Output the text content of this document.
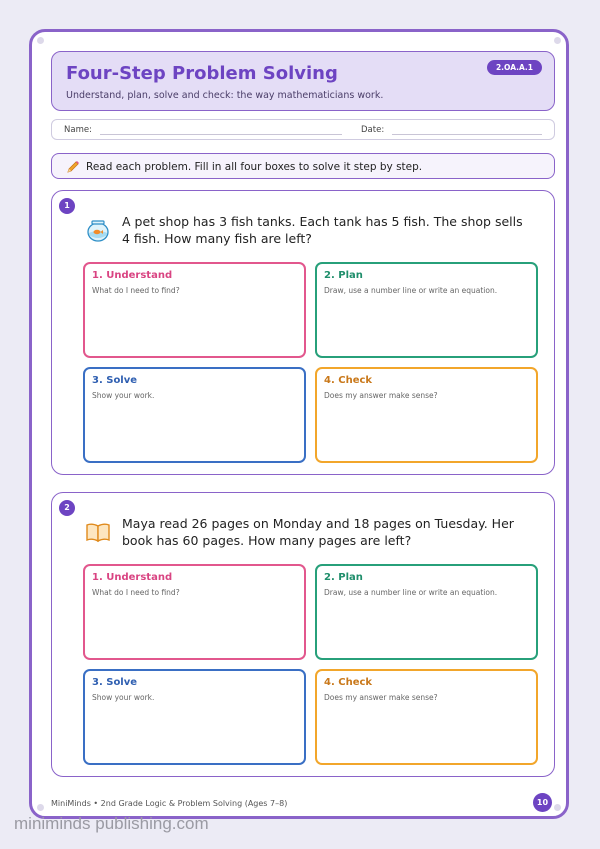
Four-Step Problem Solving
Understand, plan, solve and check: the way mathematicians work.
2.OA.A.1
Name:	Date:
Read each problem. Fill in all four boxes to solve it step by step.
1
A pet shop has 3 fish tanks. Each tank has 5 fish. The shop sells 4 fish. How many fish are left?
1. Understand
What do I need to find?
2. Plan
Draw, use a number line or write an equation.
3. Solve
Show your work.
4. Check
Does my answer make sense?
2
Maya read 26 pages on Monday and 18 pages on Tuesday. Her book has 60 pages. How many pages are left?
1. Understand
What do I need to find?
2. Plan
Draw, use a number line or write an equation.
3. Solve
Show your work.
4. Check
Does my answer make sense?
MiniMinds • 2nd Grade Logic & Problem Solving (Ages 7–8)	10
miniminds publishing.com
